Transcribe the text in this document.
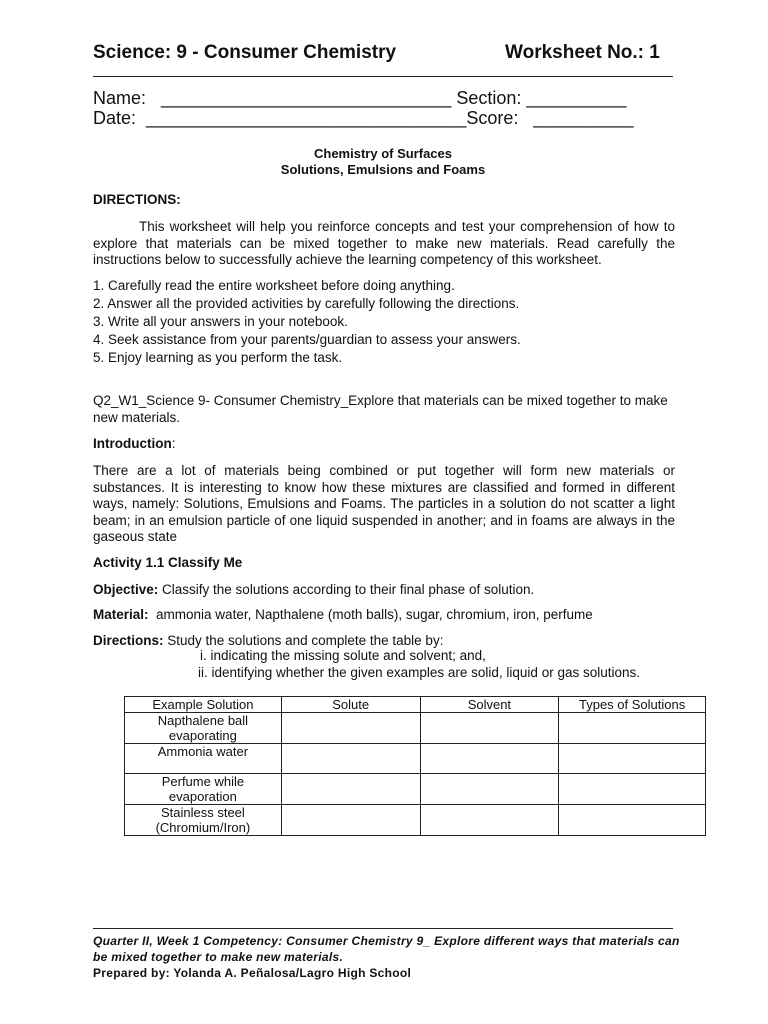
Science: 9 - Consumer Chemistry	Worksheet No.: 1
Name:   _____________________________ Section: __________
Date:  ________________________________Score:   __________
Chemistry of Surfaces
Solutions, Emulsions and Foams
DIRECTIONS:
This worksheet will help you reinforce concepts and test your comprehension of how to explore that materials can be mixed together to make new materials. Read carefully the instructions below to successfully achieve the learning competency of this worksheet.
1. Carefully read the entire worksheet before doing anything.
2. Answer all the provided activities by carefully following the directions.
3. Write all your answers in your notebook.
4. Seek assistance from your parents/guardian to assess your answers.
5. Enjoy learning as you perform the task.
Q2_W1_Science 9- Consumer Chemistry_Explore that materials can be mixed together to make new materials.
Introduction:
There are a lot of materials being combined or put together will form new materials or substances. It is interesting to know how these mixtures are classified and formed in different ways, namely: Solutions, Emulsions and Foams. The particles in a solution do not scatter a light beam; in an emulsion particle of one liquid suspended in another; and in foams are always in the gaseous state
Activity 1.1 Classify Me
Objective: Classify the solutions according to their final phase of solution.
Material:  ammonia water, Napthalene (moth balls), sugar, chromium, iron, perfume
Directions: Study the solutions and complete the table by:
i. indicating the missing solute and solvent; and,
ii. identifying whether the given examples are solid, liquid or gas solutions.
Example Solution	Solute	Solvent	Types of Solutions
Napthalene ball evaporating			
Ammonia water			
Perfume while evaporation			
Stainless steel (Chromium/Iron)			
Quarter II, Week 1 Competency: Consumer Chemistry 9_ Explore different ways that materials can be mixed together to make new materials.
Prepared by: Yolanda A. Peñalosa/Lagro High School
